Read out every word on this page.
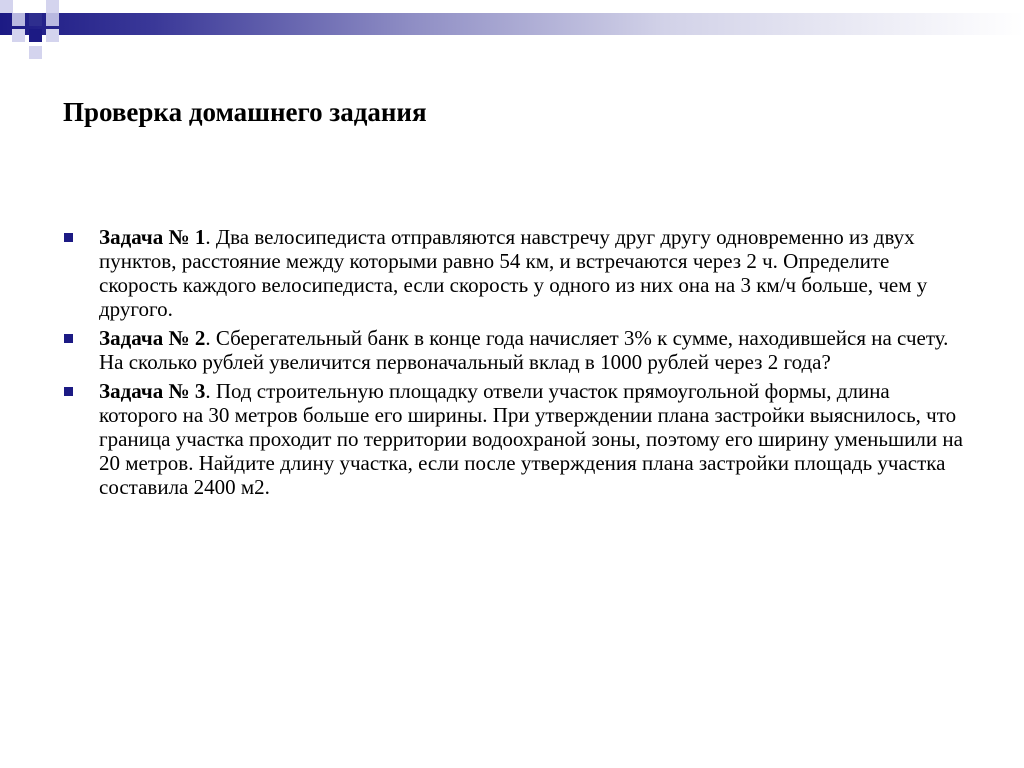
Проверка домашнего задания
Задача № 1. Два велосипедиста отправляются навстречу друг другу одновременно из двух пунктов, расстояние между которыми равно 54 км, и встречаются через 2 ч. Определите скорость каждого велосипедиста, если скорость у одного из них она на 3 км/ч больше, чем у другого.
Задача № 2. Сберегательный банк в конце года начисляет 3% к сумме, находившейся на счету. На сколько рублей увеличится первоначальный вклад в 1000 рублей через 2 года?
Задача № 3. Под строительную площадку отвели участок прямоугольной формы, длина которого на 30 метров больше его ширины. При утверждении плана застройки выяснилось, что граница участка проходит по территории водоохраной зоны, поэтому его ширину уменьшили на 20 метров. Найдите длину участка, если после утверждения плана застройки площадь участка составила 2400 м2.
